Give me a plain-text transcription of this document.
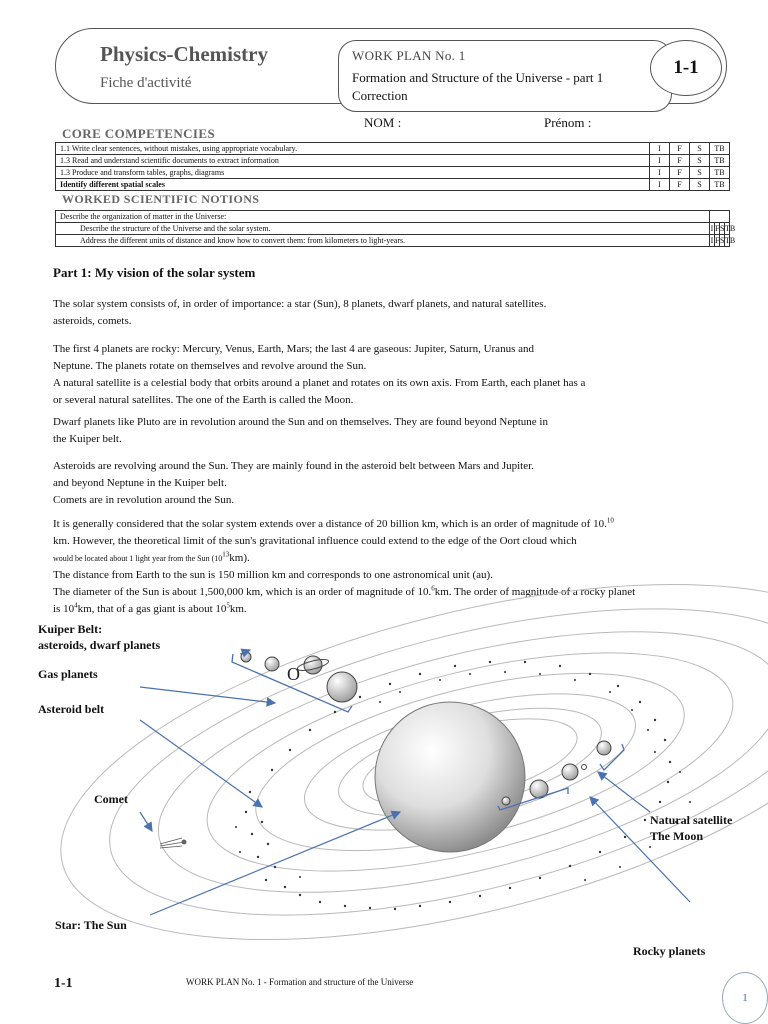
Physics-Chemistry
Fiche d'activité
WORK PLAN No. 1
Formation and Structure of the Universe - part 1
Correction
1-1
NOM :	Prénom :
CORE COMPETENCIES
1.1 Write clear sentences, without mistakes, using appropriate vocabulary.	I	F	S	TB
1.3 Read and understand scientific documents to extract information	I	F	S	TB
1.3 Produce and transform tables, graphs, diagrams	I	F	S	TB
Identify different spatial scales	I	F	S	TB
WORKED SCIENTIFIC NOTIONS
Describe the organization of matter in the Universe:				
Describe the structure of the Universe and the solar system.	I	F	S	TB
Address the different units of distance and know how to convert them: from kilometers to light-years.	I	F	S	TB
Part 1: My vision of the solar system
The solar system consists of, in order of importance: a star (Sun), 8 planets, dwarf planets, and natural satellites.
asteroids, comets.
The first 4 planets are rocky: Mercury, Venus, Earth, Mars; the last 4 are gaseous: Jupiter, Saturn, Uranus and
Neptune. The planets rotate on themselves and revolve around the Sun.
A natural satellite is a celestial body that orbits around a planet and rotates on its own axis. From Earth, each planet has a
or several natural satellites. The one of the Earth is called the Moon.
Dwarf planets like Pluto are in revolution around the Sun and on themselves. They are found beyond Neptune in
the Kuiper belt.
Asteroids are revolving around the Sun. They are mainly found in the asteroid belt between Mars and Jupiter.
and beyond Neptune in the Kuiper belt.
Comets are in revolution around the Sun.
It is generally considered that the solar system extends over a distance of 20 billion km, which is an order of magnitude of 10.10
km. However, the theoretical limit of the sun's gravitational influence could extend to the edge of the Oort cloud which
would be located about 1 light year from the Sun $(10^{13}km)$.
The distance from Earth to the sun is 150 million km and corresponds to one astronomical unit (au).
The diameter of the Sun is about 1,500,000 km, which is an order of magnitude of 10.$^6$km. The order of magnitude of a rocky planet
is $10^4km$, that of a gas giant is about $10^5km$.
O
Kuiper Belt:
asteroids, dwarf planets
Gas planets
Asteroid belt
Comet
Natural satellite
The Moon
Star: The Sun
Rocky planets
1-1	WORK PLAN No. 1 - Formation and structure of the Universe
1
